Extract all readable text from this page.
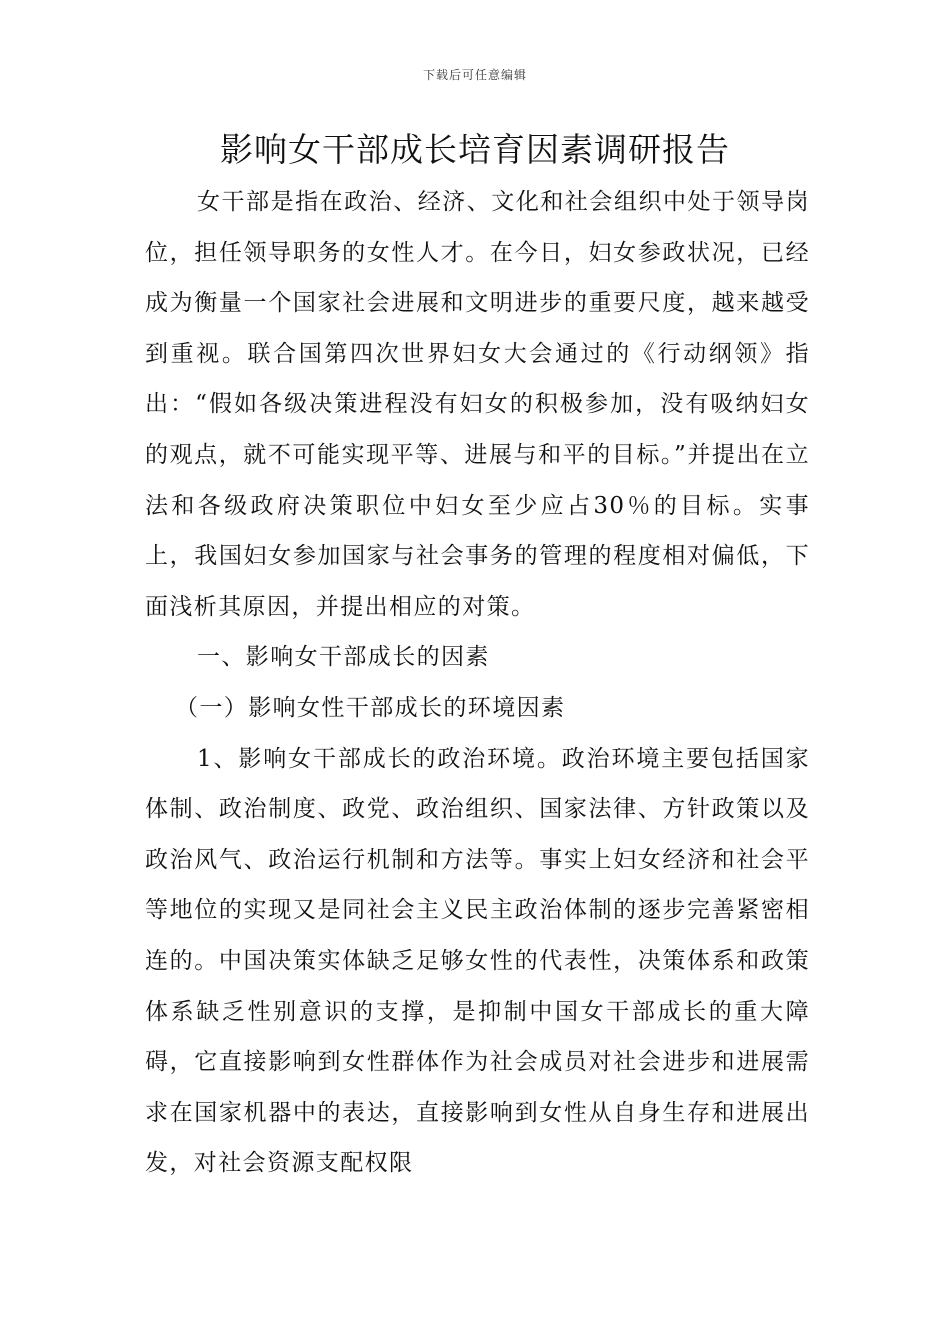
下载后可任意编辑
影响女干部成长培育因素调研报告

女干部是指在政治、经济、文化和社会组织中处于领导岗位，担任领导职务的女性人才。在今日，妇女参政状况，已经成为衡量一个国家社会进展和文明进步的重要尺度，越来越受到重视。联合国第四次世界妇女大会通过的《行动纲领》指出：“假如各级决策进程没有妇女的积极参加，没有吸纳妇女的观点，就不可能实现平等、进展与和平的目标。”并提出在立法和各级政府决策职位中妇女至少应占30％的目标。实事上，我国妇女参加国家与社会事务的管理的程度相对偏低，下面浅析其原因，并提出相应的对策。

一、影响女干部成长的因素

（一）影响女性干部成长的环境因素

1、影响女干部成长的政治环境。政治环境主要包括国家体制、政治制度、政党、政治组织、国家法律、方针政策以及政治风气、政治运行机制和方法等。事实上妇女经济和社会平等地位的实现又是同社会主义民主政治体制的逐步完善紧密相连的。中国决策实体缺乏足够女性的代表性，决策体系和政策体系缺乏性别意识的支撑，是抑制中国女干部成长的重大障碍，它直接影响到女性群体作为社会成员对社会进步和进展需求在国家机器中的表达，直接影响到女性从自身生存和进展出发，对社会资源支配权限
